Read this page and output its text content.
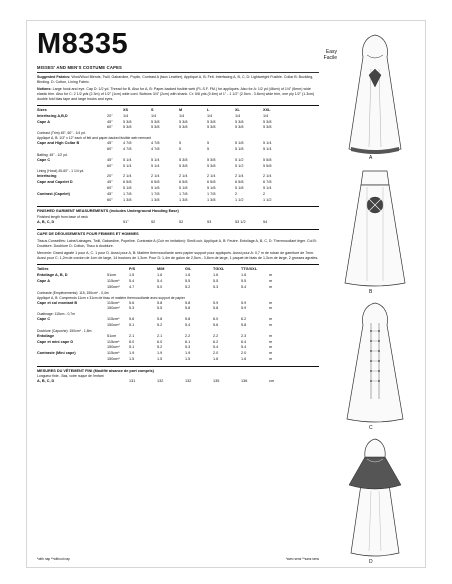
M8335
MISSES' AND MEN'S COSTUME CAPES
Suggested Fabrics: Wool/Wool Blends, Twill, Gabardine, Poplin, Contrast A (faux Leather), Appliqué A, B: Felt. Interfacing A, B, C, D: Lightweight Fusible. Collar B: Buckling, Binding. D: Cotton, Lining Fabric.
Notions: Large hook and eye. Cap D: 1/2 yd. Thread for B. Also for A, B: Paper-backed fusible web (FL.S.F. FM.) for appliqués. Also for A: 1/2 yd (46cm) of 1/4" (6mm) wide elastic trim. Also for C: 2 1/2 yds (2.3m) of 1/2" (1cm) wide cord. Buttons 3/4" (2cm) with shank. Cr: 5/8 yds (0.6m) of 1" - 1 1/2" (2.5cm - 3.8cm) wide trim, one ply 1/2" (1.3cm) double fold bias tape and large hooks and eyes.
Sizes	XS	S	M	L	XL	XXL
Interfacing A,B,D	20"	1/4	1/4	1/4	1/4	1/4	1/4
Cape A	45"	5 3/8	5 3/8	5 3/8	5 3/8	5 3/8	5 3/8
60"	5 3/8	5 3/8	5 3/8	5 3/8	5 3/8	5 3/8
Contrast (Trim) 45", 60" - 1/4 yd.
Appliqué A, B: 1/3" x 12" each of felt and paper-backed fusible web remnant
Cape and High Collar B	45"	4 7/8	4 7/8	5	5	5 1/8	5 1/4
60"	4 7/8	4 7/8	5	5	5 1/8	5 1/4
Batting: 45" - 1/2 yd.
Cape C	45"	5 1/4	5 1/4	5 3/8	5 3/8	5 1/2	5 5/8
60"	5 1/4	5 1/4	5 3/8	5 3/8	5 1/2	5 5/8
Lining (Hood) 45-60" - 1 1/4 yd.
Interfacing	20"	2 1/4	2 1/4	2 1/4	2 1/4	2 1/4	2 1/4
Cape and Capelet D	45"	6 5/8	6 5/8	6 5/8	6 5/8	6 5/8	6 7/8
60"	5 1/8	5 1/8	5 1/8	5 1/8	5 1/8	5 1/4
Contrast (Capelet)	45"	1 7/8	1 7/8	1 7/8	1 7/8	2	2
60"	1 3/8	1 3/8	1 3/8	1 3/8	1 1/2	1 1/2
FINISHED GARMENT MEASUREMENTS (includes Underground Hooding Ease)
Finished length from base of neck
A, B, C, D	51"	52	52	53	53 1/2	54
CAPE DE DÉGUISEMENTS POUR FEMMES ET HOMMES
Tissus Conseillés: Laine/Lainages, Twill, Gabardine, Popeline. Contraste A (Cuir en imitation): Simili cuir. Appliqué A, B: Feutre. Entoilage A, B, C, D: Thermocollant léger. Col B: Doublure. Doublure D: Cotton, Tissu à doublure.
Mercerie: Grand agrafe 1 pour A, C. 1 pour D. Aussi pour A, B: Matière thermocollante avec papier support pour appliqués. Aussi pour A: 0,7 m de ruban de garniture de 7mm. Aussi pour C: 1,2m de cordon de 1cm de large, 14 boutons de 1,3cm. Pour D: 1,4m de galon de 2,5cm - 3,8cm de large, 1 paquet de biais de 1,3cm de large, 2 grosses agrafes.
Tailles	P/S	M/M	G/L	TG/XL	TTG/XXL
Entoilage A, B, D	51cm	1.5	1.6	1.6	1.6	1.6	m
Cape A	115cm*	5.4	5.4	5.5	5.5	5.5	m
150cm*	4.7	5.0	5.2	5.3	5.4	m
Contraste (Empiècements): 115, 150cm* - 0,4m
Appliqué A, B: Comprends 11cm x 31cm de tissu et matière thermocollante avec support de papier
Cape et col montant B	115cm*	5.6	5.8	5.8	5.9	5.9	m
150cm*	5.3	5.5	5.8	5.8	5.9	m
Ouatinage: 115cm - 0,7m
Cape C	115cm*	5.6	5.8	5.8	6.0	6.2	m
150cm*	5.1	5.2	5.4	5.6	5.8	m
Doublure (Capuche): 150cm* - 1,8m
Entoilage	51cm	2.1	2.1	2.2	2.2	2.3	m
Cape et mini cape D	115cm*	6.0	6.0	6.1	6.2	6.4	m
150cm*	5.1	5.2	5.3	5.4	5.4	m
Contraste (Mini cape)	115cm*	1.9	1.9	1.9	2.0	2.0	m
150cm*	1.5	1.5	1.5	1.6	1.6	m
MESURES DU VÊTEMENT FINI (Modifié aisance de port compris)
Longueur finie - Bas, votre nuque de l'enfant
A, B, C, D	131	132	132	135	136	cm
Easy
Facile
A
B
C
D
*with nap **without nap	*avec sens **sans sens
